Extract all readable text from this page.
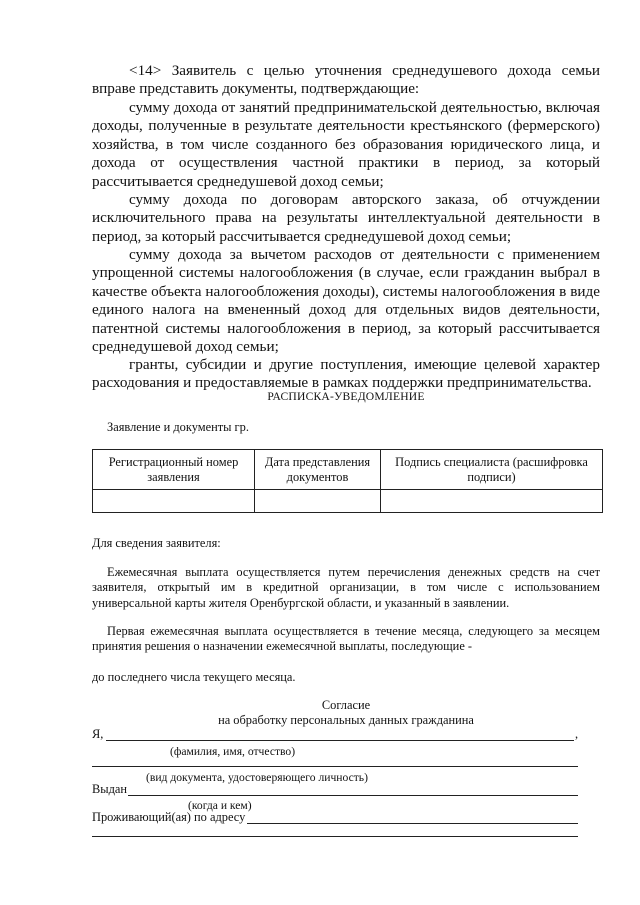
<14> Заявитель с целью уточнения среднедушевого дохода семьи вправе представить документы, подтверждающие:

сумму дохода от занятий предпринимательской деятельностью, включая доходы, полученные в результате деятельности крестьянского (фермерского) хозяйства, в том числе созданного без образования юридического лица, и дохода от осуществления частной практики в период, за который рассчитывается среднедушевой доход семьи;

сумму дохода по договорам авторского заказа, об отчуждении исключительного права на результаты интеллектуальной деятельности в период, за который рассчитывается среднедушевой доход семьи;

сумму дохода за вычетом расходов от деятельности с применением упрощенной системы налогообложения (в случае, если гражданин выбрал в качестве объекта налогообложения доходы), системы налогообложения в виде единого налога на вмененный доход для отдельных видов деятельности, патентной системы налогообложения в период, за который рассчитывается среднедушевой доход семьи;

гранты, субсидии и другие поступления, имеющие целевой характер расходования и предоставляемые в рамках поддержки предпринимательства.

РАСПИСКА-УВЕДОМЛЕНИЕ
Заявление и документы гр.
Регистрационный номер заявления	Дата представления документов	Подпись специалиста (расшифровка подписи)

Для сведения заявителя:

Ежемесячная выплата осуществляется путем перечисления денежных средств на счет заявителя, открытый им в кредитной организации, в том числе с использованием универсальной карты жителя Оренбургской области, и указанный в заявлении.

Первая ежемесячная выплата осуществляется в течение месяца, следующего за месяцем принятия решения о назначении ежемесячной выплаты, последующие -

до последнего числа текущего месяца.
Согласие
на обработку персональных данных гражданина
Я,	,
(фамилия, имя, отчество)
(вид документа, удостоверяющего личность)
Выдан
(когда и кем)
Проживающий(ая) по адресу
